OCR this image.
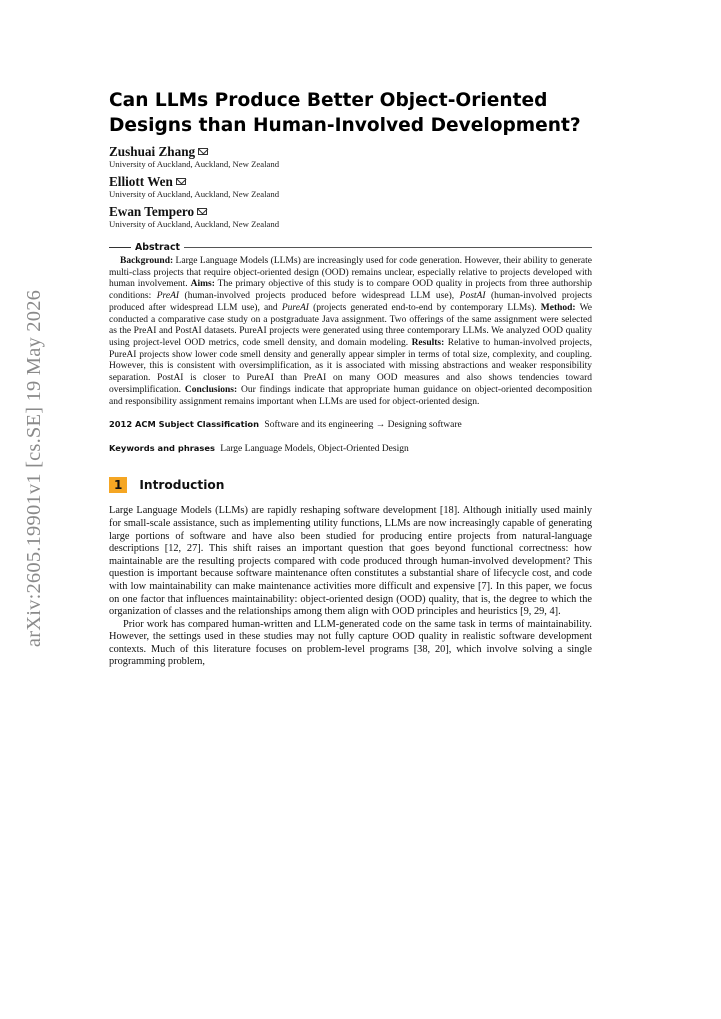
arXiv:2605.19901v1 [cs.SE] 19 May 2026
Can LLMs Produce Better Object-Oriented
Designs than Human-Involved Development?
Zushuai Zhang
University of Auckland, Auckland, New Zealand
Elliott Wen
University of Auckland, Auckland, New Zealand
Ewan Tempero
University of Auckland, Auckland, New Zealand
Abstract

Background: Large Language Models (LLMs) are increasingly used for code generation. However, their ability to generate multi-class projects that require object-oriented design (OOD) remains unclear, especially relative to projects developed with human involvement. Aims: The primary objective of this study is to compare OOD quality in projects from three authorship conditions: PreAI (human-involved projects produced before widespread LLM use), PostAI (human-involved projects produced after widespread LLM use), and PureAI (projects generated end-to-end by contemporary LLMs). Method: We conducted a comparative case study on a postgraduate Java assignment. Two offerings of the same assignment were selected as the PreAI and PostAI datasets. PureAI projects were generated using three contemporary LLMs. We analyzed OOD quality using project-level OOD metrics, code smell density, and domain modeling. Results: Relative to human-involved projects, PureAI projects show lower code smell density and generally appear simpler in terms of total size, complexity, and coupling. However, this is consistent with oversimplification, as it is associated with missing abstractions and weaker responsibility separation. PostAI is closer to PureAI than PreAI on many OOD measures and also shows tendencies toward oversimplification. Conclusions: Our findings indicate that appropriate human guidance on object-oriented decomposition and responsibility assignment remains important when LLMs are used for object-oriented design.

2012 ACM Subject Classification Software and its engineering → Designing software
Keywords and phrases Large Language Models, Object-Oriented Design
1	Introduction

Large Language Models (LLMs) are rapidly reshaping software development [18]. Although initially used mainly for small-scale assistance, such as implementing utility functions, LLMs are now increasingly capable of generating large portions of software and have also been studied for producing entire projects from natural-language descriptions [12, 27]. This shift raises an important question that goes beyond functional correctness: how maintainable are the resulting projects compared with code produced through human-involved development? This question is important because software maintenance often constitutes a substantial share of lifecycle cost, and code with low maintainability can make maintenance activities more difficult and expensive [7]. In this paper, we focus on one factor that influences maintainability: object-oriented design (OOD) quality, that is, the degree to which the organization of classes and the relationships among them align with OOD principles and heuristics [9, 29, 4].

Prior work has compared human-written and LLM-generated code on the same task in terms of maintainability. However, the settings used in these studies may not fully capture OOD quality in realistic software development contexts. Much of this literature focuses on problem-level programs [38, 20], which involve solving a single programming problem,
